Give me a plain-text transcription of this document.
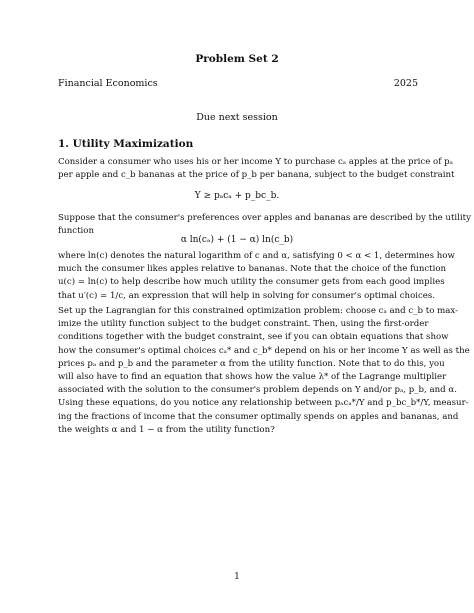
Problem Set 2
Financial Economics	2025
Due next session
1. Utility Maximization
Consider a consumer who uses his or her income Y to purchase cₐ apples at the price of pₐ
per apple and c_b bananas at the price of p_b per banana, subject to the budget constraint
Y ≥ pₐcₐ + p_bc_b.
Suppose that the consumer's preferences over apples and bananas are described by the utility
function
α ln(cₐ) + (1 − α) ln(c_b)
where ln(c) denotes the natural logarithm of c and α, satisfying 0 < α < 1, determines how
much the consumer likes apples relative to bananas. Note that the choice of the function
u(c) = ln(c) to help describe how much utility the consumer gets from each good implies
that u′(c) = 1/c, an expression that will help in solving for consumer's optimal choices.
Set up the Lagrangian for this constrained optimization problem: choose cₐ and c_b to max-
imize the utility function subject to the budget constraint. Then, using the first-order
conditions together with the budget constraint, see if you can obtain equations that show
how the consumer's optimal choices cₐ* and c_b* depend on his or her income Y as well as the
prices pₐ and p_b and the parameter α from the utility function. Note that to do this, you
will also have to find an equation that shows how the value λ* of the Lagrange multiplier
associated with the solution to the consumer's problem depends on Y and/or pₐ, p_b, and α.
Using these equations, do you notice any relationship between pₐcₐ*/Y and p_bc_b*/Y, measur-
ing the fractions of income that the consumer optimally spends on apples and bananas, and
the weights α and 1 − α from the utility function?
1
